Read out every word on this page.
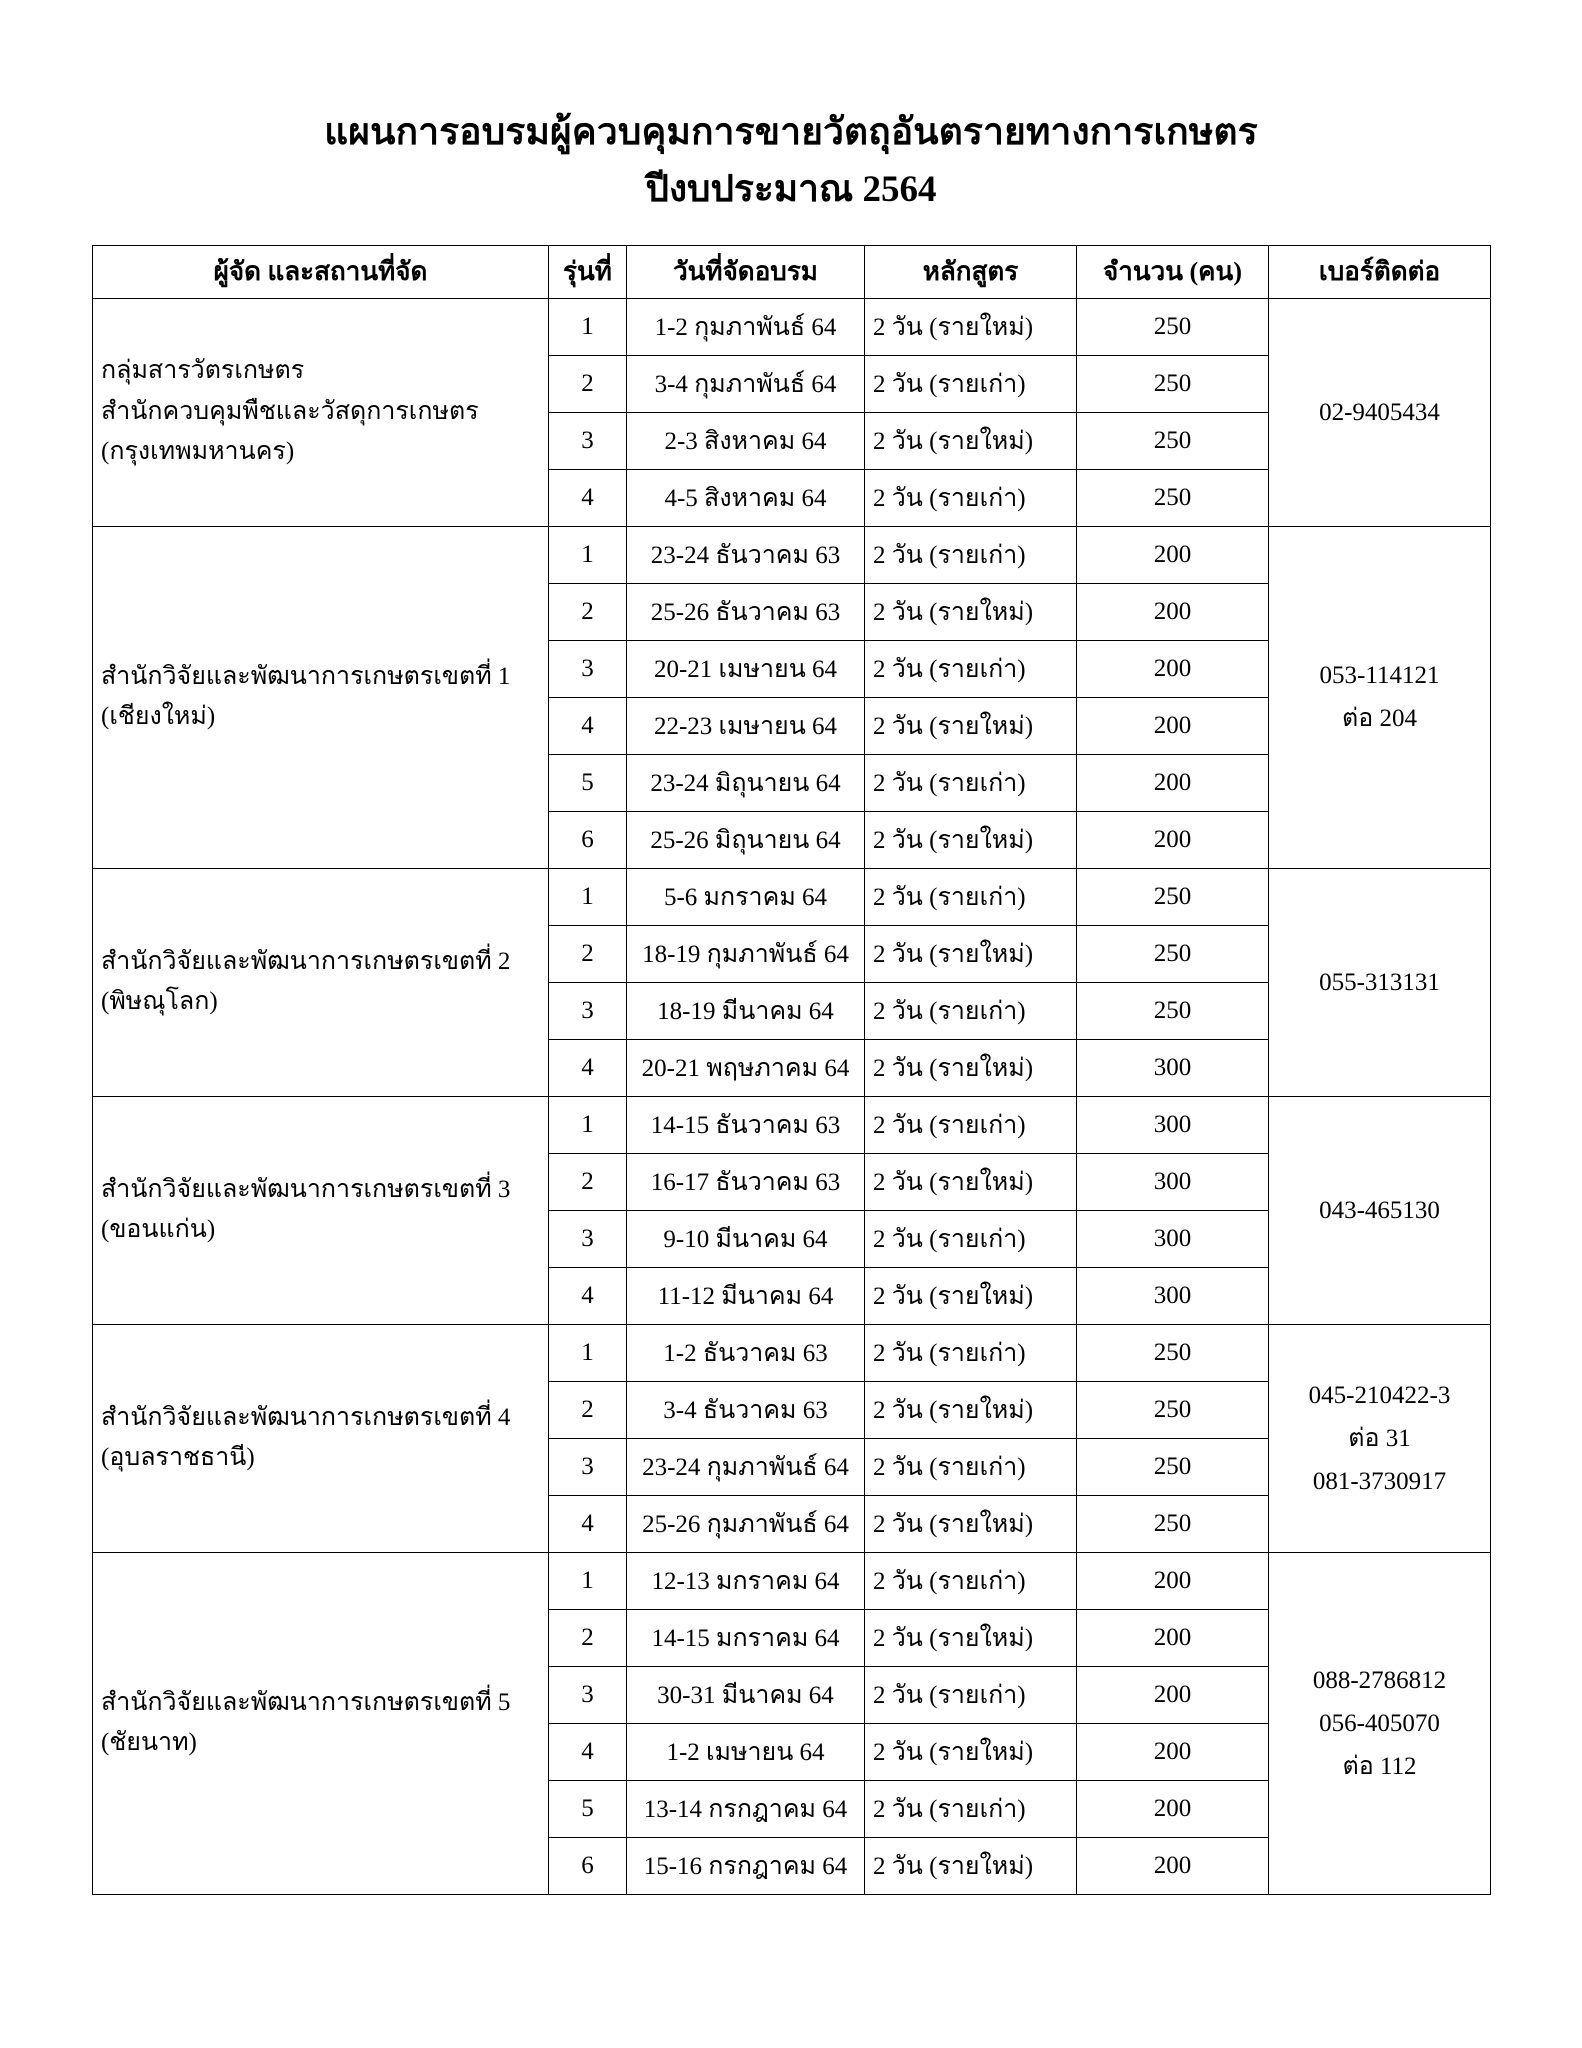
แผนการอบรมผู้ควบคุมการขายวัตถุอันตรายทางการเกษตร
ปีงบประมาณ 2564
ผู้จัด และสถานที่จัด	รุ่นที่	วันที่จัดอบรม	หลักสูตร	จำนวน (คน)	เบอร์ติดต่อ

กลุ่มสารวัตรเกษตร
สำนักควบคุมพืชและวัสดุการเกษตร
(กรุงเทพมหานคร)	1	1-2 กุมภาพันธ์ 64	2 วัน (รายใหม่)	250	02-9405434

	2	3-4 กุมภาพันธ์ 64	2 วัน (รายเก่า)	250	
	3	2-3 สิงหาคม 64	2 วัน (รายใหม่)	250	
	4	4-5 สิงหาคม 64	2 วัน (รายเก่า)	250	

สำนักวิจัยและพัฒนาการเกษตรเขตที่ 1
(เชียงใหม่)	1	23-24 ธันวาคม 63	2 วัน (รายเก่า)	200	053-114121
ต่อ 204

	2	25-26 ธันวาคม 63	2 วัน (รายใหม่)	200	
	3	20-21 เมษายน 64	2 วัน (รายเก่า)	200	
	4	22-23 เมษายน 64	2 วัน (รายใหม่)	200	
	5	23-24 มิถุนายน 64	2 วัน (รายเก่า)	200	
	6	25-26 มิถุนายน 64	2 วัน (รายใหม่)	200	

สำนักวิจัยและพัฒนาการเกษตรเขตที่ 2
(พิษณุโลก)	1	5-6 มกราคม 64	2 วัน (รายเก่า)	250	055-313131

	2	18-19 กุมภาพันธ์ 64	2 วัน (รายใหม่)	250	
	3	18-19 มีนาคม 64	2 วัน (รายเก่า)	250	
	4	20-21 พฤษภาคม 64	2 วัน (รายใหม่)	300	

สำนักวิจัยและพัฒนาการเกษตรเขตที่ 3
(ขอนแก่น)	1	14-15 ธันวาคม 63	2 วัน (รายเก่า)	300	043-465130

	2	16-17 ธันวาคม 63	2 วัน (รายใหม่)	300	
	3	9-10 มีนาคม 64	2 วัน (รายเก่า)	300	
	4	11-12 มีนาคม 64	2 วัน (รายใหม่)	300	

สำนักวิจัยและพัฒนาการเกษตรเขตที่ 4
(อุบลราชธานี)	1	1-2 ธันวาคม 63	2 วัน (รายเก่า)	250	045-210422-3
ต่อ 31
081-3730917

	2	3-4 ธันวาคม 63	2 วัน (รายใหม่)	250	
	3	23-24 กุมภาพันธ์ 64	2 วัน (รายเก่า)	250	
	4	25-26 กุมภาพันธ์ 64	2 วัน (รายใหม่)	250	

สำนักวิจัยและพัฒนาการเกษตรเขตที่ 5
(ชัยนาท)	1	12-13 มกราคม 64	2 วัน (รายเก่า)	200	088-2786812
056-405070
ต่อ 112

	2	14-15 มกราคม 64	2 วัน (รายใหม่)	200	
	3	30-31 มีนาคม 64	2 วัน (รายเก่า)	200	
	4	1-2 เมษายน 64	2 วัน (รายใหม่)	200	
	5	13-14 กรกฎาคม 64	2 วัน (รายเก่า)	200	
	6	15-16 กรกฎาคม 64	2 วัน (รายใหม่)	200	
